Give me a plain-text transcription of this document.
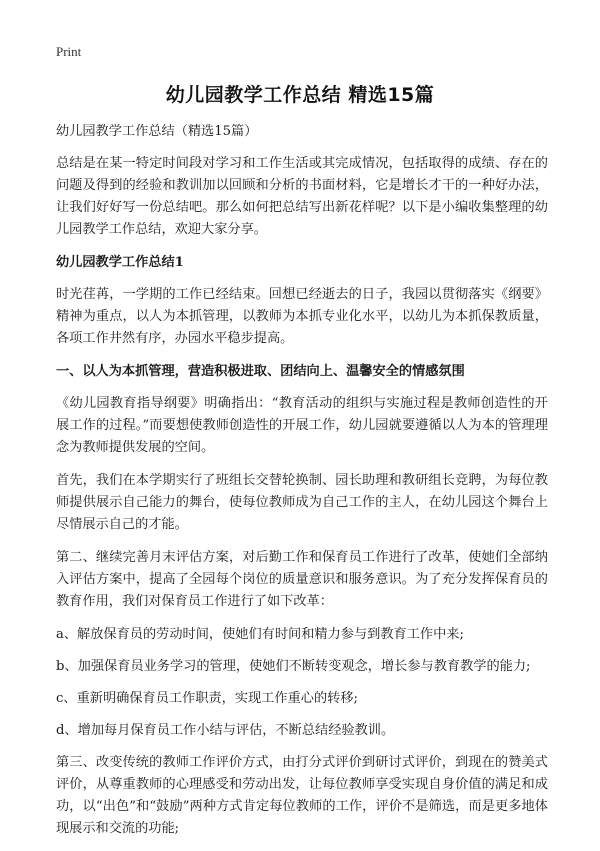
Print
幼儿园教学工作总结 精选15篇

幼儿园教学工作总结（精选15篇）

总结是在某一特定时间段对学习和工作生活或其完成情况，包括取得的成绩、存在的问题及得到的经验和教训加以回顾和分析的书面材料，它是增长才干的一种好办法，让我们好好写一份总结吧。那么如何把总结写出新花样呢？以下是小编收集整理的幼儿园教学工作总结，欢迎大家分享。

幼儿园教学工作总结1

时光荏苒，一学期的工作已经结束。回想已经逝去的日子，我园以贯彻落实《纲要》精神为重点，以人为本抓管理，以教师为本抓专业化水平，以幼儿为本抓保教质量，各项工作井然有序，办园水平稳步提高。

一、以人为本抓管理，营造积极进取、团结向上、温馨安全的情感氛围

《幼儿园教育指导纲要》明确指出：“教育活动的组织与实施过程是教师创造性的开展工作的过程。”而要想使教师创造性的开展工作，幼儿园就要遵循以人为本的管理理念为教师提供发展的空间。

首先，我们在本学期实行了班组长交替轮换制、园长助理和教研组长竞聘，为每位教师提供展示自己能力的舞台，使每位教师成为自己工作的主人，在幼儿园这个舞台上尽情展示自己的才能。

第二、继续完善月末评估方案，对后勤工作和保育员工作进行了改革，使她们全部纳入评估方案中，提高了全园每个岗位的质量意识和服务意识。为了充分发挥保育员的教育作用，我们对保育员工作进行了如下改革：

a、解放保育员的劳动时间，使她们有时间和精力参与到教育工作中来;

b、加强保育员业务学习的管理，使她们不断转变观念，增长参与教育教学的能力;

c、重新明确保育员工作职责，实现工作重心的转移;

d、增加每月保育员工作小结与评估，不断总结经验教训。

第三、改变传统的教师工作评价方式，由打分式评价到研讨式评价，到现在的赞美式评价，从尊重教师的心理感受和劳动出发，让每位教师享受实现自身价值的满足和成功，以“出色”和“鼓励”两种方式肯定每位教师的工作，评价不是筛选，而是更多地体现展示和交流的功能;
